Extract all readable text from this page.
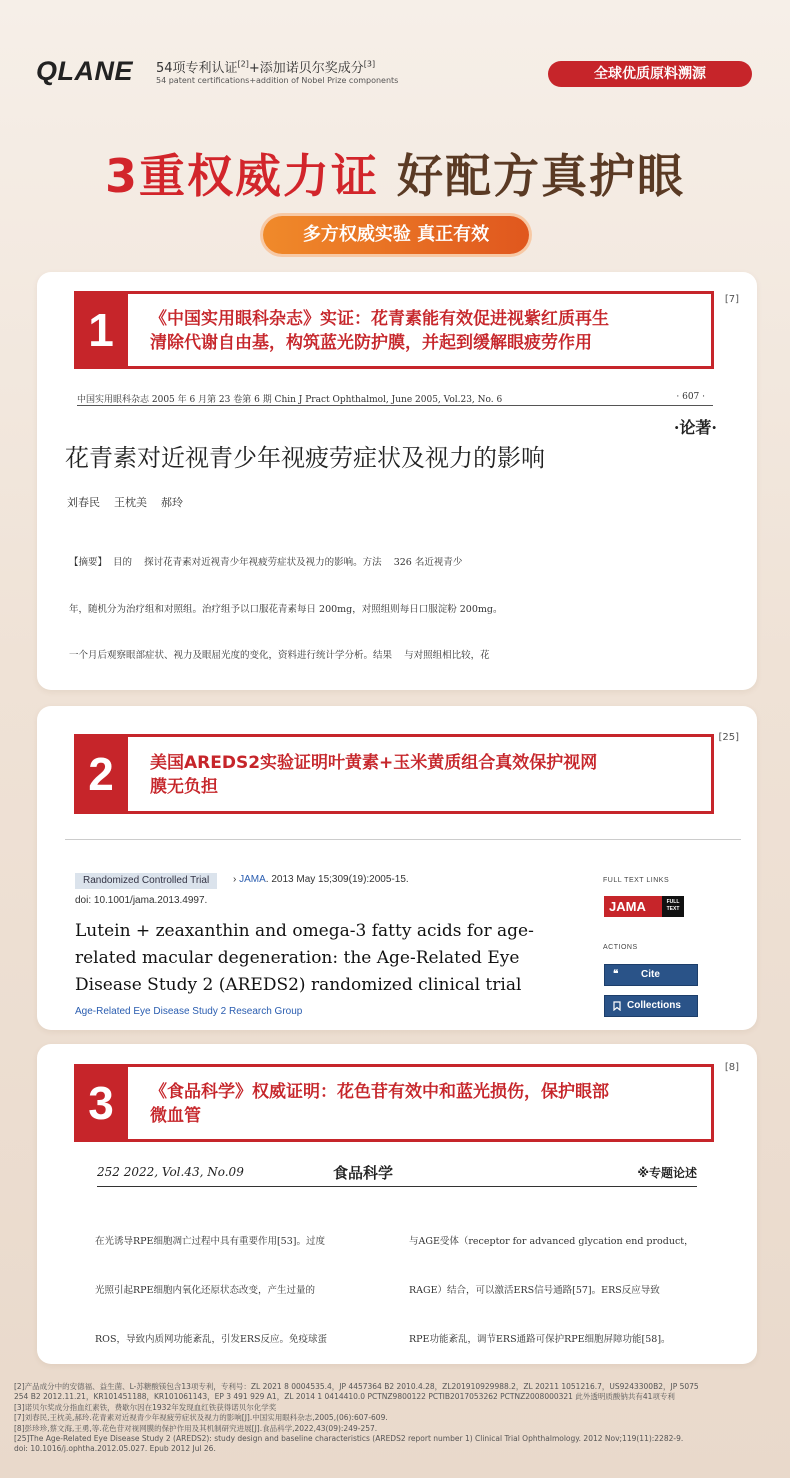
QLANE 54项专利认证[2]+添加诺贝尔奖成分[3]
54 patent certifications+addition of Nobel Prize components	全球优质原料溯源
3重权威力证 好配方真护眼
多方权威实验 真正有效
[7]
1	《中国实用眼科杂志》实证：花青素能有效促进视紫红质再生
清除代谢自由基，构筑蓝光防护膜，并起到缓解眼疲劳作用
中国实用眼科杂志 2005 年 6 月第 23 卷第 6 期 Chin J Pract Ophthalmol, June 2005, Vol.23, No. 6	· 607 ·
·论著·
花青素对近视青少年视疲劳症状及视力的影响
刘春民    王枕美    郝玲

【摘要】  目的    探讨花青素对近视青少年视疲劳症状及视力的影响。方法    326 名近视青少

年，随机分为治疗组和对照组。治疗组予以口服花青素每日 200mg，对照组则每日口服淀粉 200mg。

一个月后观察眼部症状、视力及眼屈光度的变化，资料进行统计学分析。结果    与对照组相比较，花

[25]
2	美国AREDS2实验证明叶黄素+玉米黄质组合真效保护视网
膜无负担
Randomized Controlled Trial	› JAMA. 2013 May 15;309(19):2005-15.
doi: 10.1001/jama.2013.4997.
Lutein + zeaxanthin and omega-3 fatty acids for age-related macular degeneration: the Age-Related Eye Disease Study 2 (AREDS2) randomized clinical trial
Age-Related Eye Disease Study 2 Research Group
FULL TEXT LINKS
JAMA	FULL TEXT
ACTIONS
❝ Cite
Collections
[8]
3	《食品科学》权威证明：花色苷有效中和蓝光损伤，保护眼部
微血管
252 2022, Vol.43, No.09	食品科学	※专题论述

在光诱导RPE细胞凋亡过程中具有重要作用[53]。过度

光照引起RPE细胞内氧化还原状态改变，产生过量的

ROS，导致内质网功能紊乱，引发ERS反应。免疫球蛋

与AGE受体（receptor for advanced glycation end product，

RAGE）结合，可以激活ERS信号通路[57]。ERS反应导致

RPE功能紊乱，调节ERS通路可保护RPE细胞屏障功能[58]。

[2]产品成分中的安德福、益生菌、L-苏糖酸镁包含13项专利，专利号：ZL 2021 8 0004535.4，JP 4457364 B2 2010.4.28，ZL201910929988.2，ZL 20211 1051216.7，US9243300B2，JP 5075
254 B2 2012.11.21，KR101451188，KR101061143，EP 3 491 929 A1，ZL 2014 1 0414410.0 PCTNZ9800122 PCTIB2017053262 PCTNZ2008000321 此外透明质酸钠共有41项专利
[3]诺贝尔奖成分指血红素铁，费歇尔因在1932年发现血红铁获得诺贝尔化学奖
[7]刘春民,王枕美,郝玲.花青素对近视青少年视疲劳症状及视力的影响[J].中国实用眼科杂志,2005,(06):607-609.
[8]彭珍珍,蔡文海,王勇,等.花色苷对视网膜的保护作用及其机制研究进展[J].食品科学,2022,43(09):249-257.
[25]The Age-Related Eye Disease Study 2 (AREDS2): study design and baseline characteristics (AREDS2 report number 1) Clinical Trial Ophthalmology. 2012 Nov;119(11):2282-9.
doi: 10.1016/j.ophtha.2012.05.027. Epub 2012 Jul 26.
